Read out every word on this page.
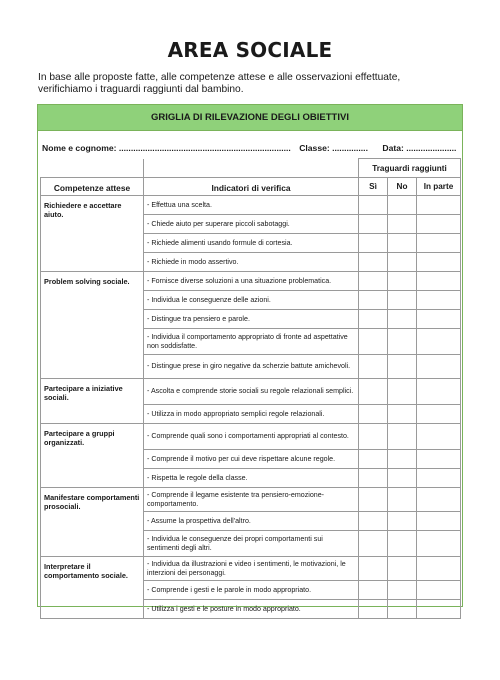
AREA SOCIALE
In base alle proposte fatte, alle competenze attese e alle osservazioni effettuate,
verifichiamo i traguardi raggiunti dal bambino.
GRIGLIA DI RILEVAZIONE DEGLI OBIETTIVI
Nome e cognome: ........................................................................ Classe: ............... Data: .....................
		Traguardi raggiunti		
Competenze attese	Indicatori di verifica	Sì	No	In parte
Richiedere e accettare aiuto.	- Effettua una scelta.			
	- Chiede aiuto per superare piccoli sabotaggi.			
	- Richiede alimenti usando formule di cortesia.			
	- Richiede in modo assertivo.			
Problem solving sociale.	- Fornisce diverse soluzioni a una situazione problematica.			
	- Individua le conseguenze delle azioni.			
	- Distingue tra pensiero e parole.			
	- Individua il comportamento appropriato di fronte ad aspettative non soddisfatte.			
	- Distingue prese in giro negative da scherzie battute amichevoli.			
Partecipare a iniziative sociali.	- Ascolta e comprende storie sociali su regole relazionali semplici.			
	- Utilizza in modo appropriato semplici regole relazionali.			
Partecipare a gruppi organizzati.	- Comprende quali sono i comportamenti appropriati al contesto.			
	- Comprende il motivo per cui deve rispettare alcune regole.			
	- Rispetta le regole della classe.			
Manifestare comportamenti prosociali.	- Comprende il legame esistente tra pensiero-emozione-comportamento.			
	- Assume la prospettiva dell'altro.			
	- Individua le conseguenze dei propri comportamenti sui sentimenti degli altri.			
Interpretare il comportamento sociale.	- Individua da illustrazioni e video i sentimenti, le motivazioni, le interzioni dei personaggi.			
	- Comprende i gesti e le parole in modo appropriato.			
	- Utilizza i gesti e le posture in modo appropriato.			
